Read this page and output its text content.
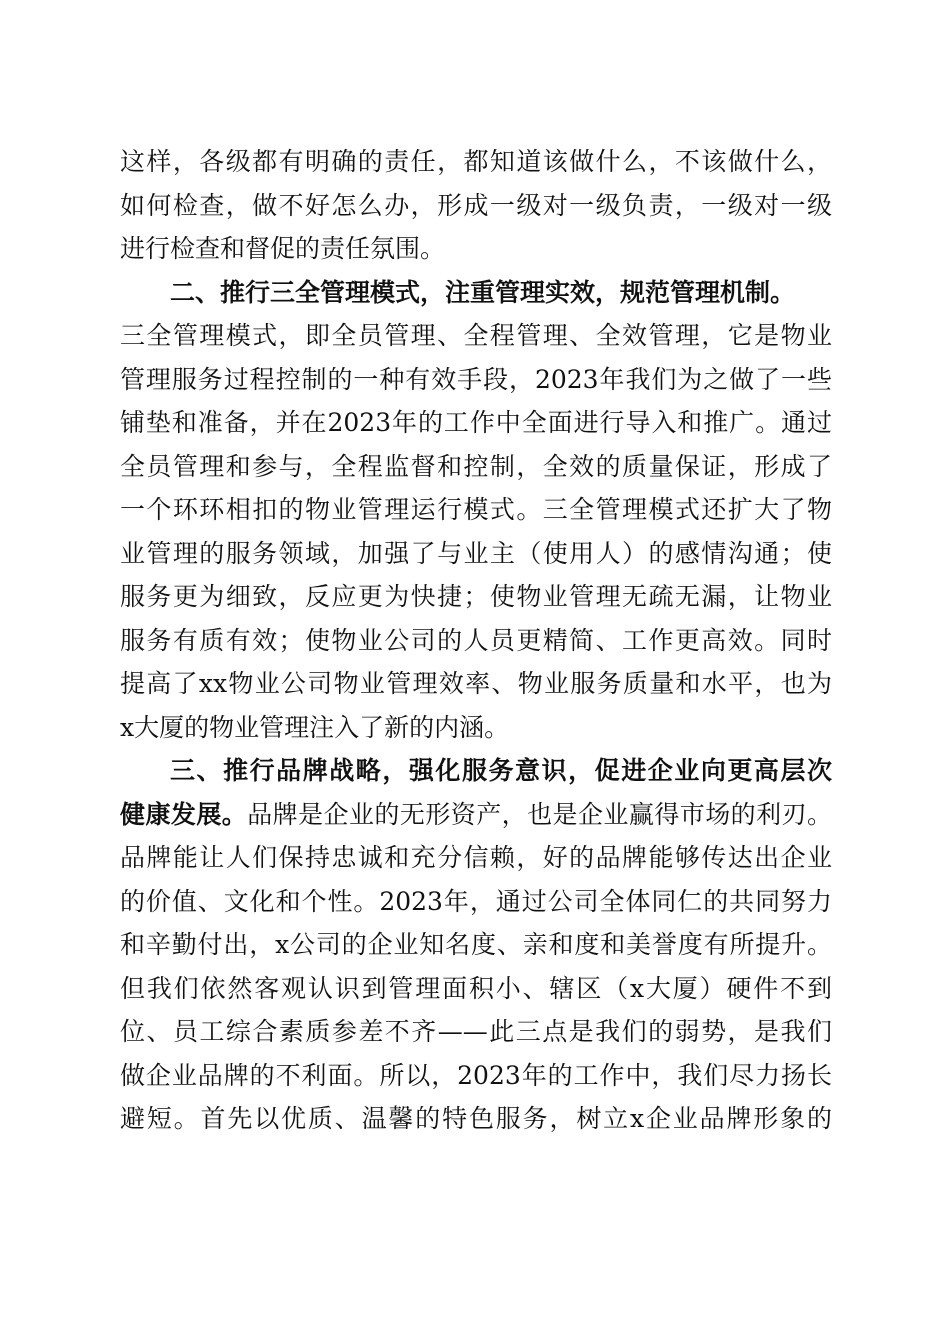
这样，各级都有明确的责任，都知道该做什么，不该做什么，
如何检查，做不好怎么办，形成一级对一级负责，一级对一级
进行检查和督促的责任氛围。
二、推行三全管理模式，注重管理实效，规范管理机制。
三全管理模式，即全员管理、全程管理、全效管理，它是物业
管理服务过程控制的一种有效手段，2023年我们为之做了一些
铺垫和准备，并在2023年的工作中全面进行导入和推广。通过
全员管理和参与，全程监督和控制，全效的质量保证，形成了
一个环环相扣的物业管理运行模式。三全管理模式还扩大了物
业管理的服务领域，加强了与业主（使用人）的感情沟通；使
服务更为细致，反应更为快捷；使物业管理无疏无漏，让物业
服务有质有效；使物业公司的人员更精简、工作更高效。同时
提高了xx物业公司物业管理效率、物业服务质量和水平，也为
x大厦的物业管理注入了新的内涵。
三、推行品牌战略，强化服务意识，促进企业向更高层次
健康发展。品牌是企业的无形资产，也是企业赢得市场的利刃。
品牌能让人们保持忠诚和充分信赖，好的品牌能够传达出企业
的价值、文化和个性。2023年，通过公司全体同仁的共同努力
和辛勤付出，x公司的企业知名度、亲和度和美誉度有所提升。
但我们依然客观认识到管理面积小、辖区（x大厦）硬件不到
位、员工综合素质参差不齐——此三点是我们的弱势，是我们
做企业品牌的不利面。所以，2023年的工作中，我们尽力扬长
避短。首先以优质、温馨的特色服务，树立x企业品牌形象的
